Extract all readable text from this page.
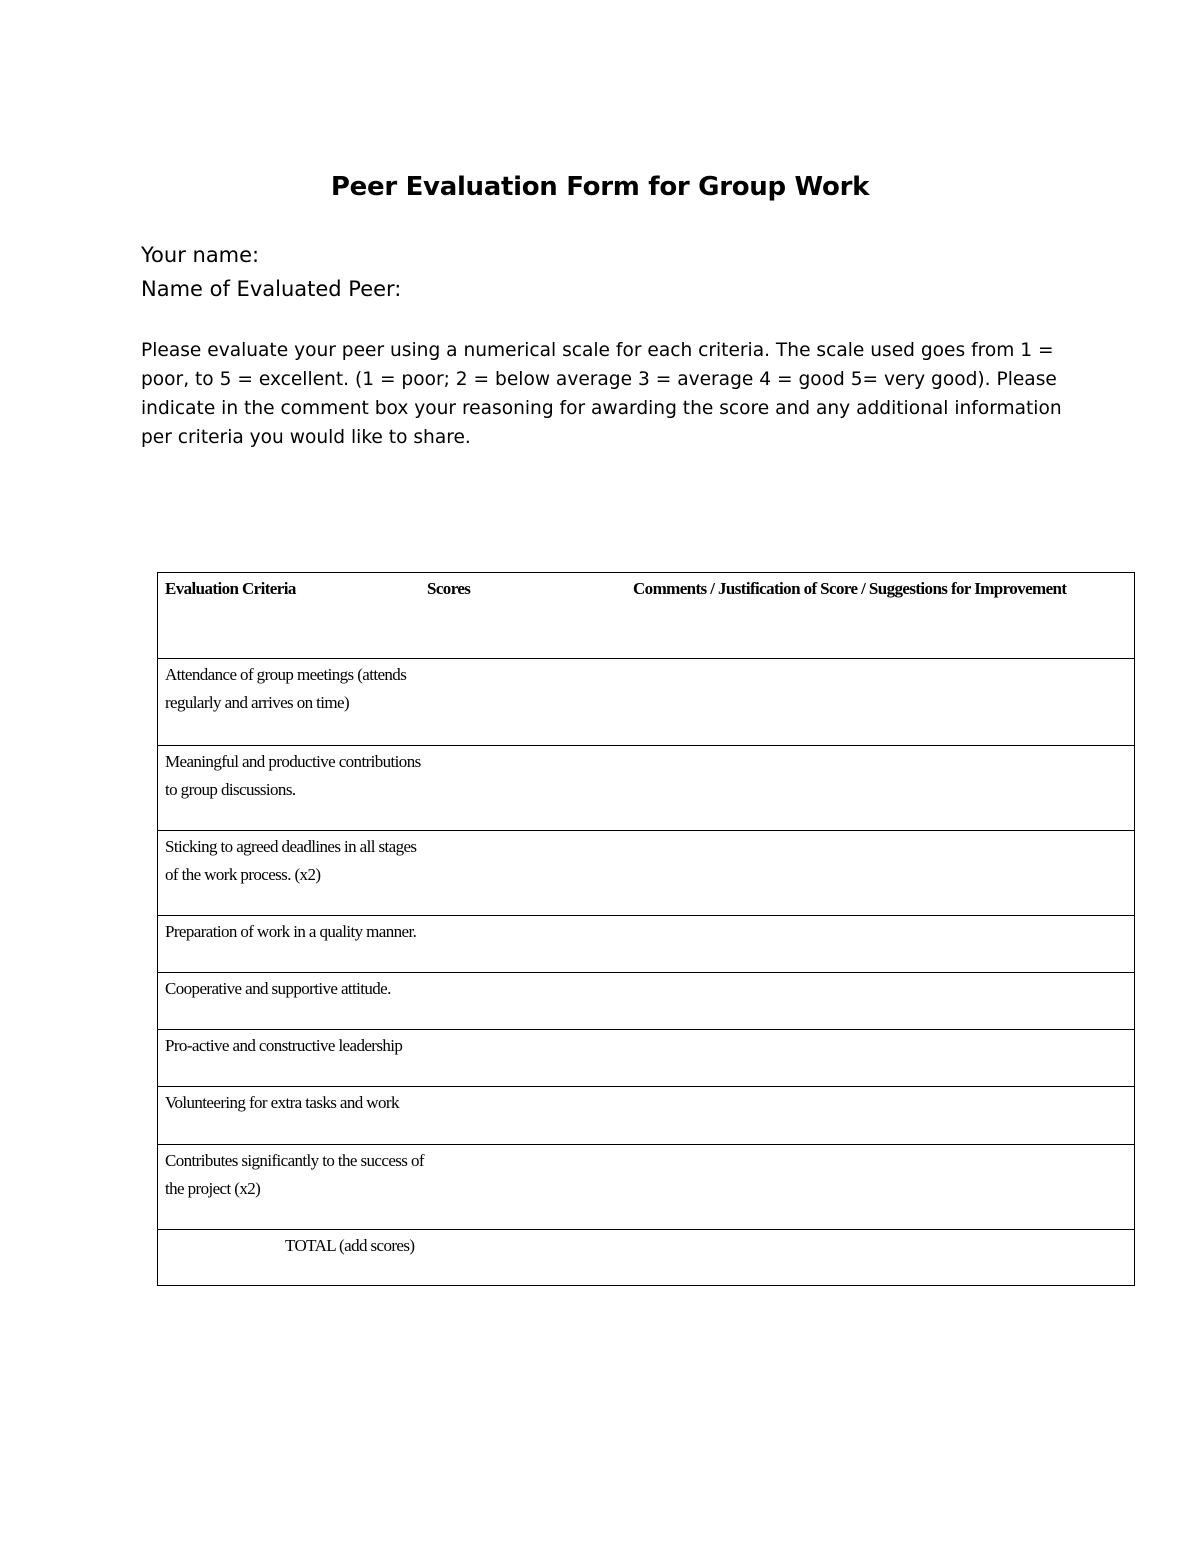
Peer Evaluation Form for Group Work
Your name:
Name of Evaluated Peer:
Please evaluate your peer using a numerical scale for each criteria. The scale used goes from 1 = poor, to 5 = excellent. (1 = poor; 2 = below average 3 = average 4 = good 5= very good). Please indicate in the comment box your reasoning for awarding the score and any additional information per criteria you would like to share.
Evaluation Criteria	Scores	Comments / Justification of Score / Suggestions for Improvement
Attendance of group meetings (attends regularly and arrives on time)
Meaningful and productive contributions to group discussions.
Sticking to agreed deadlines in all stages of the work process. (x2)
Preparation of work in a quality manner.
Cooperative and supportive attitude.
Pro-active and constructive leadership
Volunteering for extra tasks and work
Contributes significantly to the success of the project (x2)
TOTAL (add scores)
